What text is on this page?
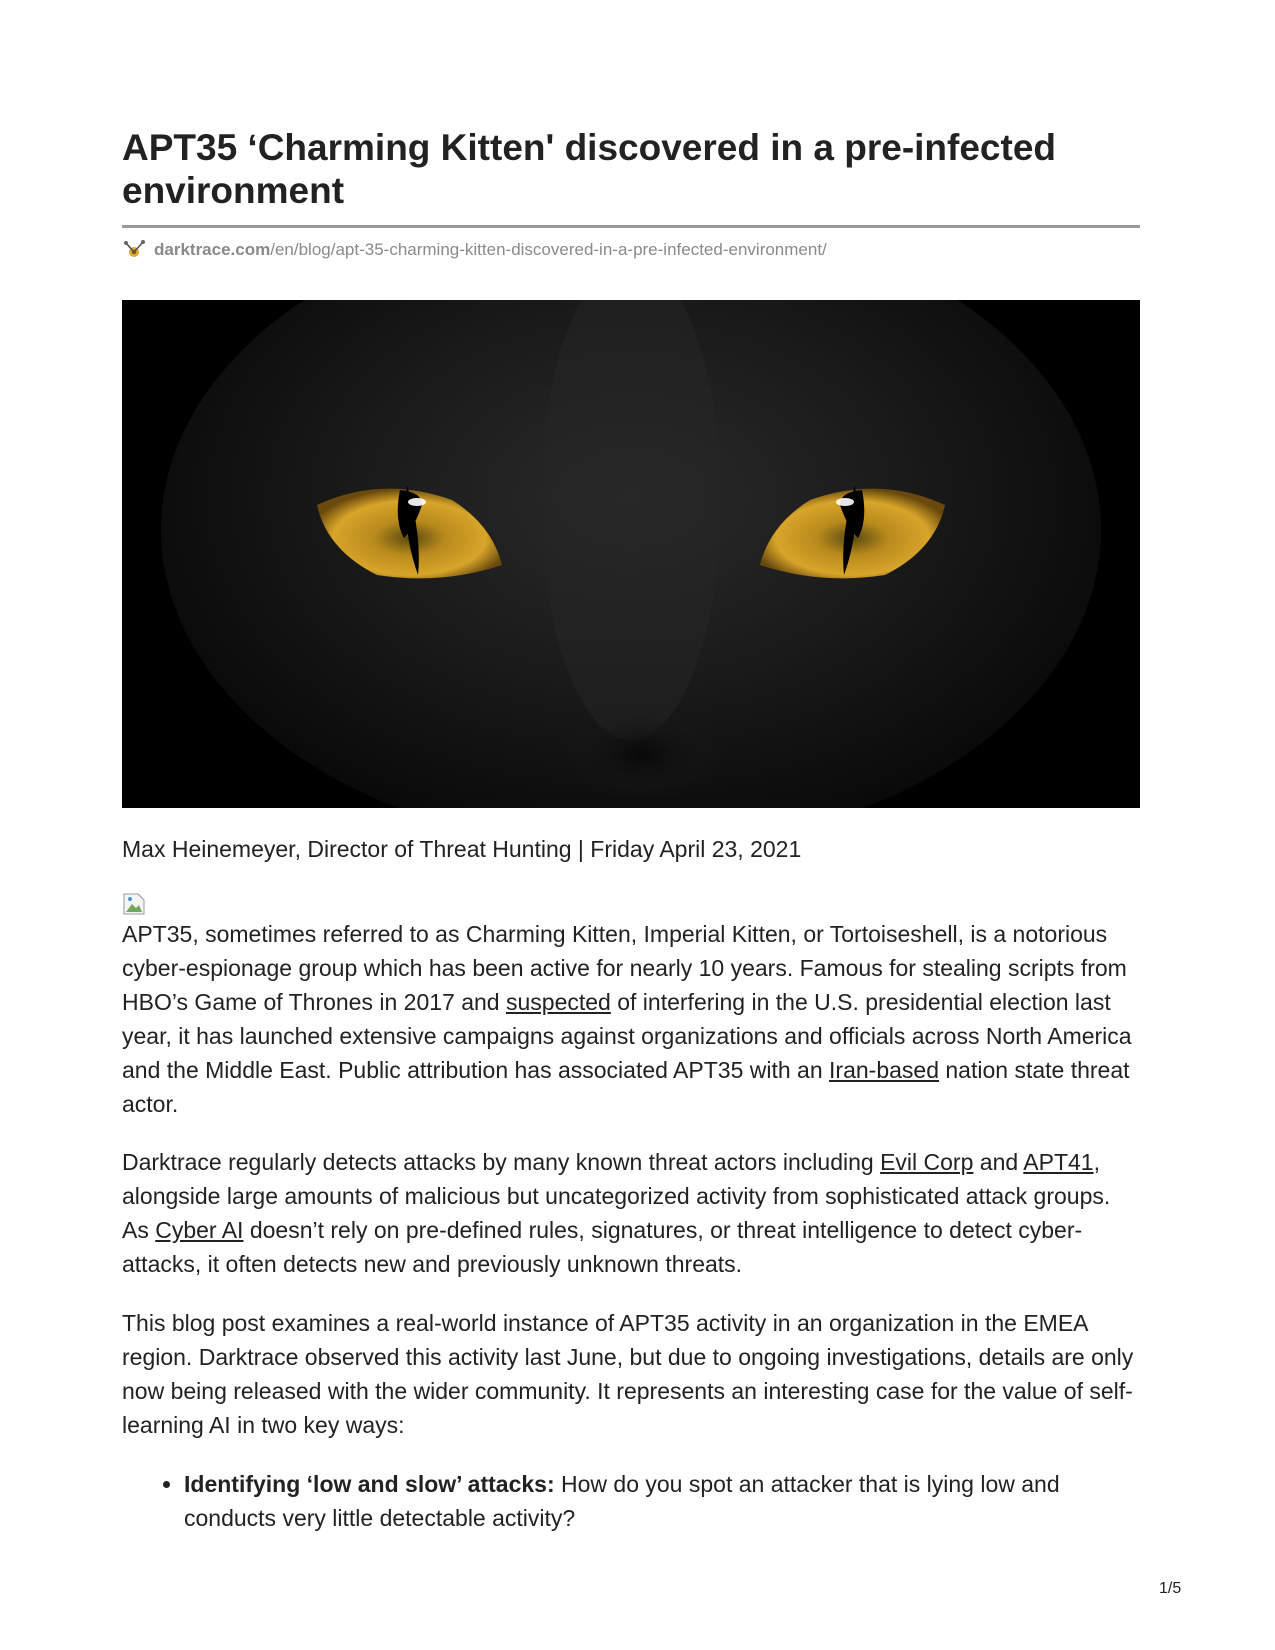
APT35 ‘Charming Kitten' discovered in a pre-infected environment
darktrace.com /en/blog/apt-35-charming-kitten-discovered-in-a-pre-infected-environment/

Max Heinemeyer, Director of Threat Hunting | Friday April 23, 2021

APT35, sometimes referred to as Charming Kitten, Imperial Kitten, or Tortoiseshell, is a notorious cyber-espionage group which has been active for nearly 10 years. Famous for stealing scripts from HBO’s Game of Thrones in 2017 and suspected of interfering in the U.S. presidential election last year, it has launched extensive campaigns against organizations and officials across North America and the Middle East. Public attribution has associated APT35 with an Iran-based nation state threat actor.

Darktrace regularly detects attacks by many known threat actors including Evil Corp and APT41, alongside large amounts of malicious but uncategorized activity from sophisticated attack groups. As Cyber AI doesn’t rely on pre-defined rules, signatures, or threat intelligence to detect cyber-attacks, it often detects new and previously unknown threats.

This blog post examines a real-world instance of APT35 activity in an organization in the EMEA region. Darktrace observed this activity last June, but due to ongoing investigations, details are only now being released with the wider community. It represents an interesting case for the value of self-learning AI in two key ways:

• Identifying ‘low and slow’ attacks: How do you spot an attacker that is lying low and conducts very little detectable activity?
1/5
